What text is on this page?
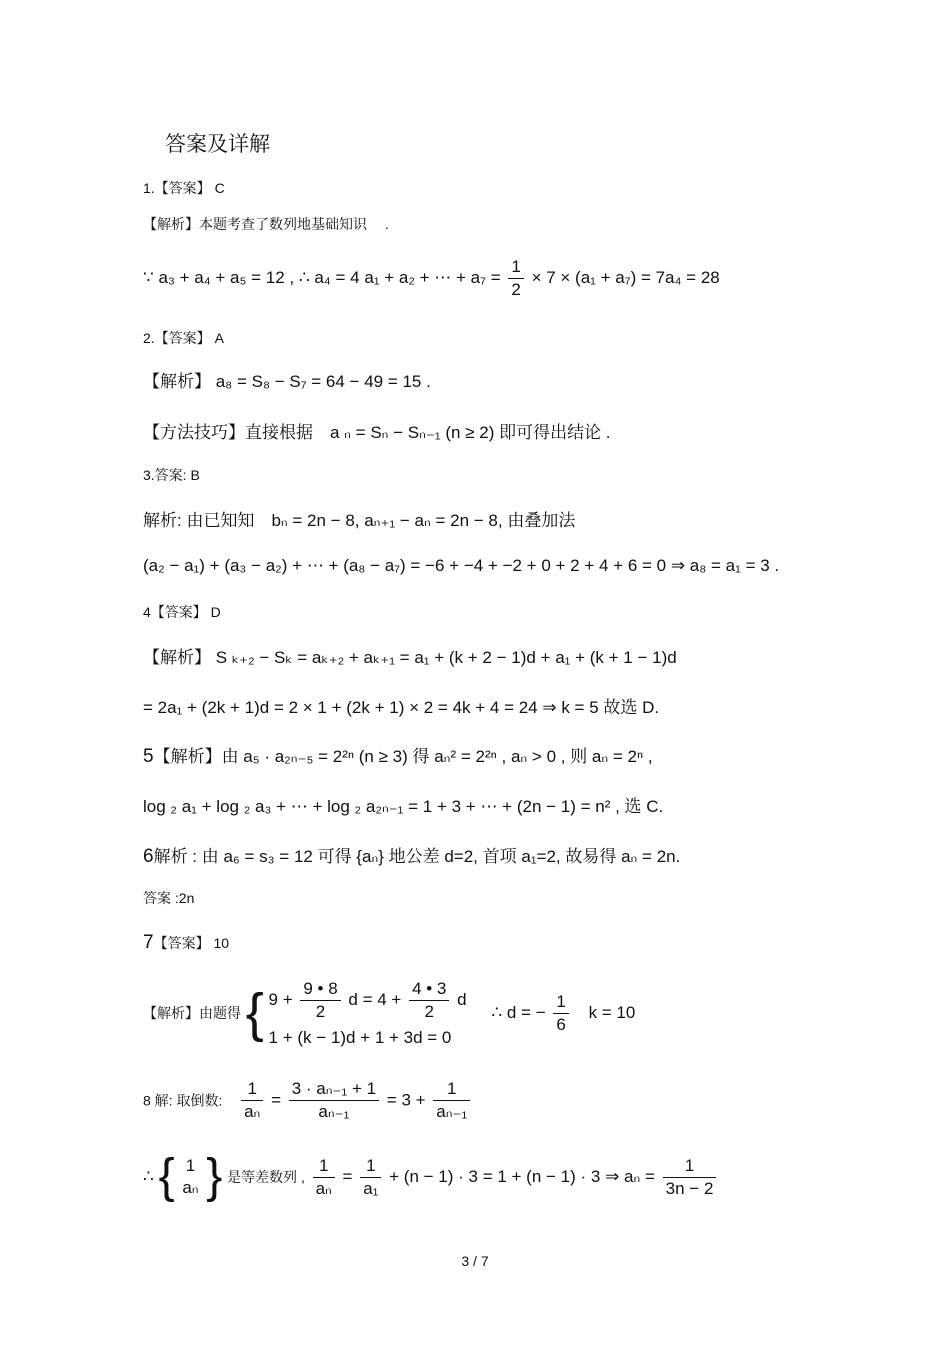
答案及详解
1.【答案】 C
【解析】本题考查了数列地基础知识　 .
∵ a₃ + a₄ + a₅ = 12 , ∴ a₄ = 4 a₁ + a₂ + ⋯ + $a_7 = \frac{1}{2} \times 7 \times (a_1 + a_7) = 7a_4 = 28$
2.【答案】 A
【解析】 a₈ = S₈ − S₇ = 64 − 49 = 15 .
【方法技巧】直接根据　a ₙ = Sₙ − Sₙ₋₁ (n ≥ 2) 即可得出结论 .
3.答案: B
解析: 由已知知　bₙ = 2n − 8, aₙ₊₁ − aₙ = 2n − 8, 由叠加法
(a₂ − a₁) + (a₃ − a₂) + ⋯ + (a₈ − a₇) = −6 + −4 + −2 + 0 + 2 + 4 + 6 = 0 ⇒ a₈ = a₁ = 3 .
4【答案】 D
【解析】 S ₖ₊₂ − Sₖ = aₖ₊₂ + aₖ₊₁ = a₁ + (k + 2 − 1)d + a₁ + (k + 1 − 1)d
= 2a₁ + (2k + 1)d = 2 × 1 + (2k + 1) × 2 = 4k + 4 = 24 ⇒ k = 5 故选 D.
5【解析】由 a₅ · a₂ₙ₋₅ = 2²ⁿ (n ≥ 3) 得 aₙ² = 2²ⁿ , aₙ > 0 , 则 aₙ = 2ⁿ ,
log ₂ a₁ + log ₂ a₃ + ⋯ + log ₂ a₂ₙ₋₁ = 1 + 3 + ⋯ + (2n − 1) = n² , 选 C.
6解析 : 由 a₆ = s₃ = 12 可得 {aₙ} 地公差 d=2, 首项 a₁=2, 故易得 aₙ = 2n.
答案 :2n
7【答案】 10
【解析】由题得 { $9 + \frac{9 • 8}{2}$ $d = 4 + \frac{4 • 3}{2}$ d
1 + (k − 1)d + 1 + 3d = 0
∴ d = − $\frac{1}{6}$ k = 10
8 解: 取倒数: $\frac{1}{\text{aₙ}} = \frac{\text{3 · aₙ₋₁ + 1}}{\text{aₙ₋₁}} = 3 + \frac{1}{\text{aₙ₋₁}}$
∴ { 1
aₙ } 是等差数列 , $\frac{1}{\text{aₙ}} = \frac{1}{\text{a₁}} + (n - 1) \cdot 3 = 1 + (n - 1) \cdot 3$ ⇒ $a_n = \frac{1}{3n - 2}$
3 / 7
